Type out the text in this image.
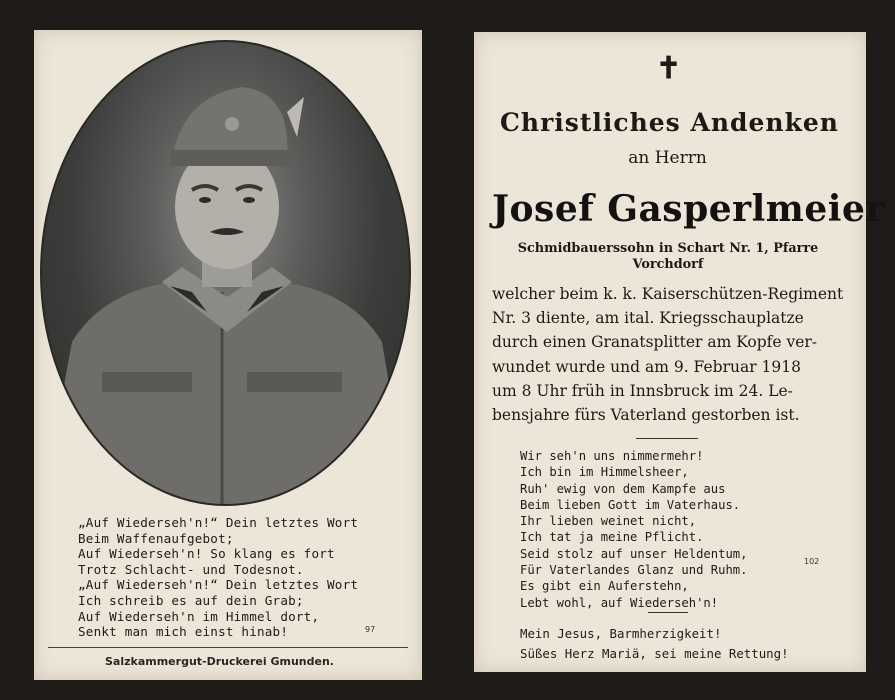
„Auf Wiederseh'n!“ Dein letztes Wort
Beim Waffenaufgebot;
Auf Wiederseh'n! So klang es fort
Trotz Schlacht- und Todesnot.
„Auf Wiederseh'n!“ Dein letztes Wort
Ich schreib es auf dein Grab;
Auf Wiederseh'n im Himmel dort,
Senkt man mich einst hinab!	97
Salzkammergut-Druckerei Gmunden.
✝
Christliches Andenken
an Herrn
Josef Gasperlmeier
Schmidbauerssohn in Schart Nr. 1, Pfarre Vorchdorf
welcher beim k. k. Kaiserschützen-Regiment
Nr. 3 diente, am ital. Kriegsschauplatze
durch einen Granatsplitter am Kopfe ver-
wundet wurde und am 9. Februar 1918
um 8 Uhr früh in Innsbruck im 24. Le-
bensjahre fürs Vaterland gestorben ist.
Wir seh'n uns nimmermehr!
Ich bin im Himmelsheer,
Ruh' ewig von dem Kampfe aus
Beim lieben Gott im Vaterhaus.
Ihr lieben weinet nicht,
Ich tat ja meine Pflicht.
Seid stolz auf unser Heldentum,
Für Vaterlandes Glanz und Ruhm.
Es gibt ein Auferstehn,
Lebt wohl, auf Wiederseh'n!
102
Mein Jesus, Barmherzigkeit!
Süßes Herz Mariä, sei meine Rettung!
